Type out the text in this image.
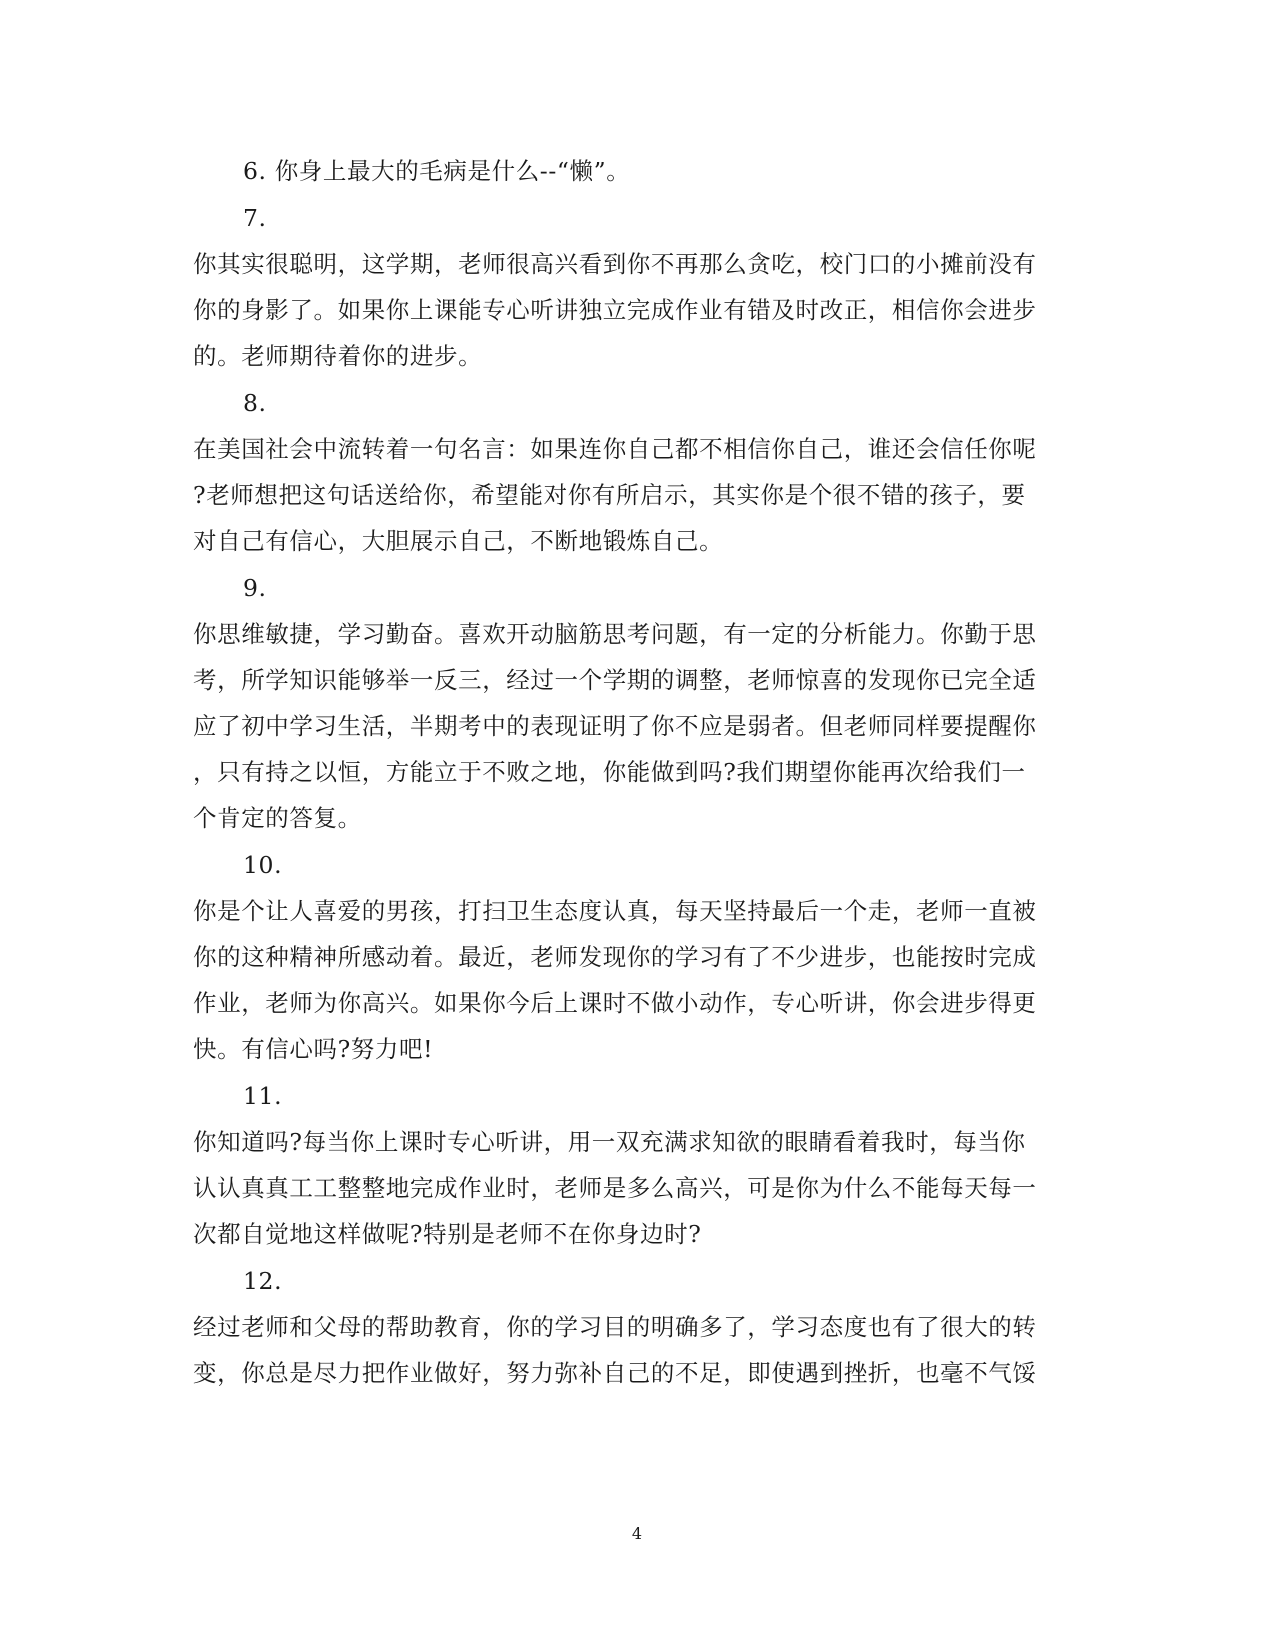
6. 你身上最大的毛病是什么--“懒”。
7.
你其实很聪明，这学期，老师很高兴看到你不再那么贪吃，校门口的小摊前没有
你的身影了。如果你上课能专心听讲独立完成作业有错及时改正，相信你会进步
的。老师期待着你的进步。
8.
在美国社会中流转着一句名言：如果连你自己都不相信你自己，谁还会信任你呢
?老师想把这句话送给你，希望能对你有所启示，其实你是个很不错的孩子，要
对自己有信心，大胆展示自己，不断地锻炼自己。
9.
你思维敏捷，学习勤奋。喜欢开动脑筋思考问题，有一定的分析能力。你勤于思
考，所学知识能够举一反三，经过一个学期的调整，老师惊喜的发现你已完全适
应了初中学习生活，半期考中的表现证明了你不应是弱者。但老师同样要提醒你
，只有持之以恒，方能立于不败之地，你能做到吗?我们期望你能再次给我们一
个肯定的答复。
10.
你是个让人喜爱的男孩，打扫卫生态度认真，每天坚持最后一个走，老师一直被
你的这种精神所感动着。最近，老师发现你的学习有了不少进步，也能按时完成
作业，老师为你高兴。如果你今后上课时不做小动作，专心听讲，你会进步得更
快。有信心吗?努力吧!
11.
你知道吗?每当你上课时专心听讲，用一双充满求知欲的眼睛看着我时，每当你
认认真真工工整整地完成作业时，老师是多么高兴，可是你为什么不能每天每一
次都自觉地这样做呢?特别是老师不在你身边时?
12.
经过老师和父母的帮助教育，你的学习目的明确多了，学习态度也有了很大的转
变，你总是尽力把作业做好，努力弥补自己的不足，即使遇到挫折，也毫不气馁
4
